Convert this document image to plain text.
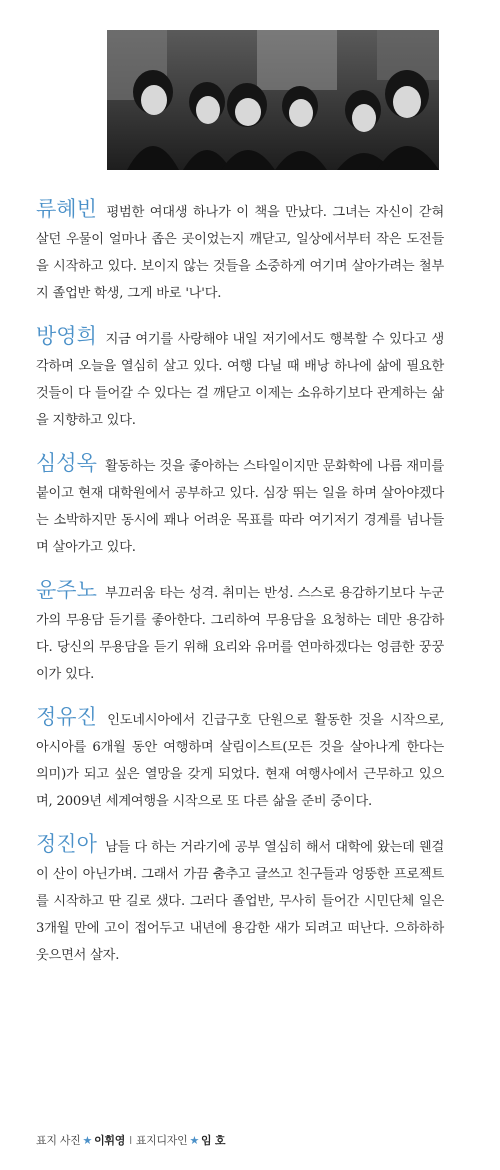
류혜빈 평범한 여대생 하나가 이 책을 만났다. 그녀는 자신이 갇혀 살던 우물이 얼마나 좁은 곳이었는지 깨닫고, 일상에서부터 작은 도전들을 시작하고 있다. 보이지 않는 것들을 소중하게 여기며 살아가려는 철부지 졸업반 학생, 그게 바로 '나'다.

방영희 지금 여기를 사랑해야 내일 저기에서도 행복할 수 있다고 생각하며 오늘을 열심히 살고 있다. 여행 다닐 때 배낭 하나에 삶에 필요한 것들이 다 들어갈 수 있다는 걸 깨닫고 이제는 소유하기보다 관계하는 삶을 지향하고 있다.

심성옥 활동하는 것을 좋아하는 스타일이지만 문화학에 나름 재미를 붙이고 현재 대학원에서 공부하고 있다. 심장 뛰는 일을 하며 살아야겠다는 소박하지만 동시에 꽤나 어려운 목표를 따라 여기저기 경계를 넘나들며 살아가고 있다.

윤주노 부끄러움 타는 성격. 취미는 반성. 스스로 용감하기보다 누군가의 무용담 듣기를 좋아한다. 그리하여 무용담을 요청하는 데만 용감하다. 당신의 무용담을 듣기 위해 요리와 유머를 연마하겠다는 엉큼한 꿍꿍이가 있다.

정유진 인도네시아에서 긴급구호 단원으로 활동한 것을 시작으로, 아시아를 6개월 동안 여행하며 살림이스트(모든 것을 살아나게 한다는 의미)가 되고 싶은 열망을 갖게 되었다. 현재 여행사에서 근무하고 있으며, 2009년 세계여행을 시작으로 또 다른 삶을 준비 중이다.

정진아 남들 다 하는 거라기에 공부 열심히 해서 대학에 왔는데 웬걸 이 산이 아닌가벼. 그래서 가끔 춤추고 글쓰고 친구들과 엉뚱한 프로젝트를 시작하고 딴 길로 샜다. 그러다 졸업반, 무사히 들어간 시민단체 일은 3개월 만에 고이 접어두고 내년에 용감한 새가 되려고 떠난다. 으하하하 웃으면서 살자.

표지 사진 ★ 이휘영 l 표지디자인 ★ 임 호
